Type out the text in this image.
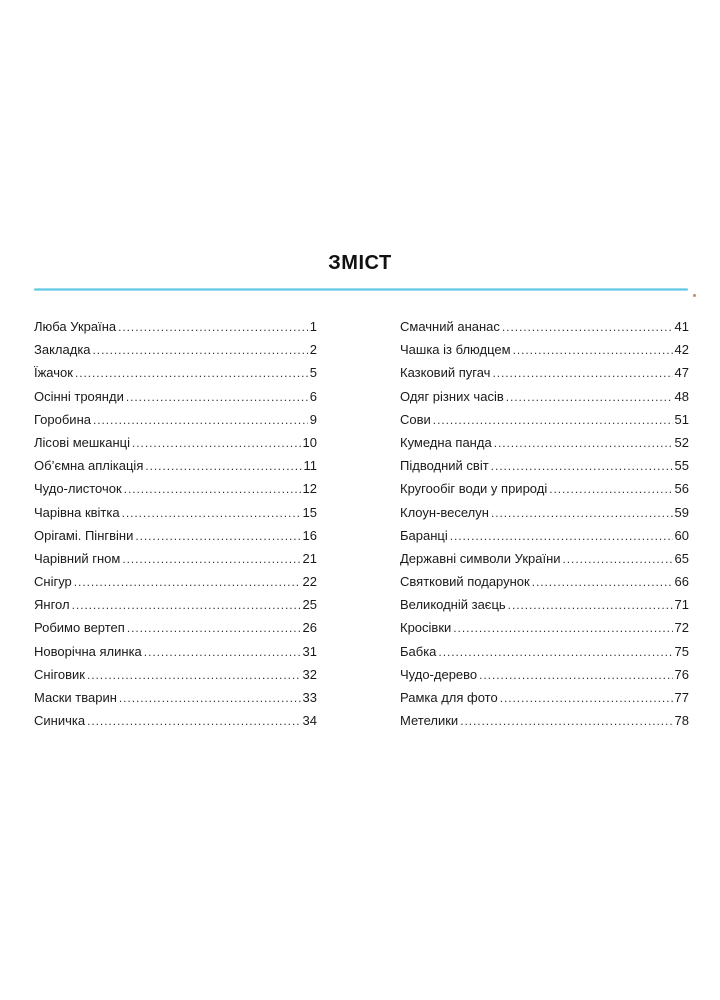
ЗМІСТ
Люба Україна . . .	1
Закладка . . .	2
Їжачок . . .	5
Осінні троянди . . .	6
Горобина . . .	9
Лісові мешканці . . .	10
Об’ємна аплікація . . .	11
Чудо-листочок . . .	12
Чарівна квітка . . .	15
Орігамі. Пінгвіни . . .	16
Чарівний гном . . .	21
Снігур . . .	22
Янгол . . .	25
Робимо вертеп . . .	26
Новорічна ялинка . . .	31
Сніговик . . .	32
Маски тварин . . .	33
Синичка . . .	34
Смачний ананас . . .	41
Чашка із блюдцем . . .	42
Казковий пугач . . .	47
Одяг різних часів . . .	48
Сови . . .	51
Кумедна панда . . .	52
Підводний світ . . .	55
Кругообіг води у природі . . .	56
Клоун-веселун . . .	59
Баранці . . .	60
Державні символи України . . .	65
Святковий подарунок . . .	66
Великодній заєць . . .	71
Кросівки . . .	72
Бабка . . .	75
Чудо-дерево . . .	76
Рамка для фото . . .	77
Метелики . . .	78
